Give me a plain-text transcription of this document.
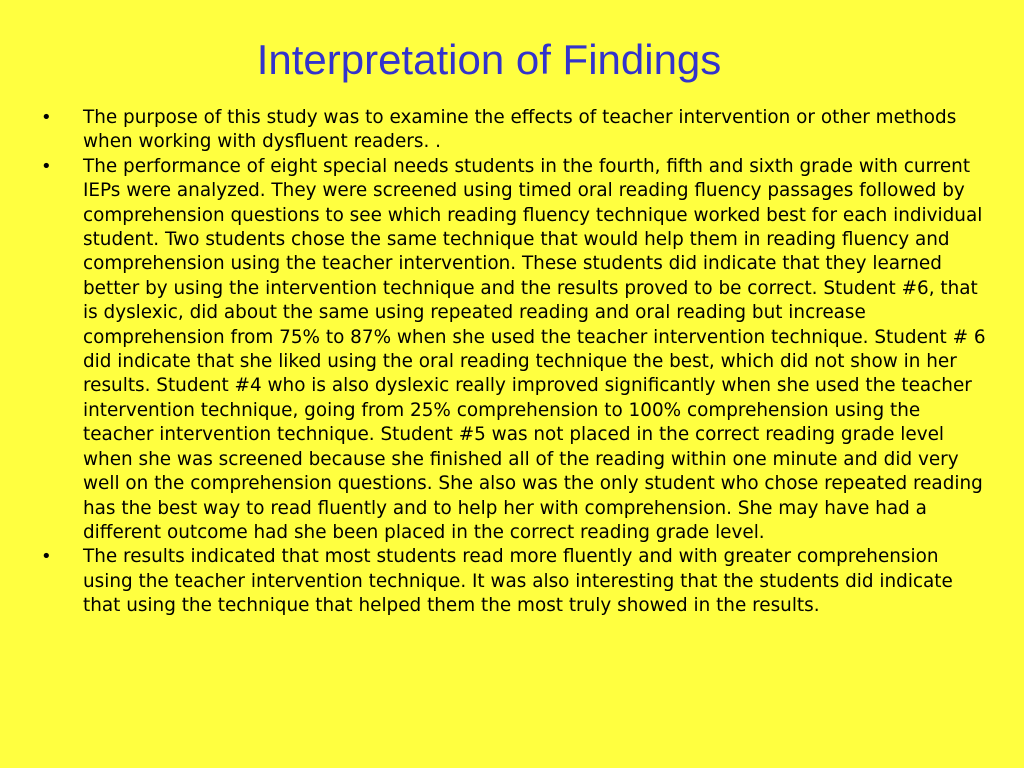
Interpretation of Findings
• The purpose of this study was to examine the effects of teacher intervention or other methods when working with dysfluent readers. .
• The performance of eight special needs students in the fourth, fifth and sixth grade with current IEPs were analyzed. They were screened using timed oral reading fluency passages followed by comprehension questions to see which reading fluency technique worked best for each individual student. Two students chose the same technique that would help them in reading fluency and comprehension using the teacher intervention. These students did indicate that they learned better by using the intervention technique and the results proved to be correct. Student #6, that is dyslexic, did about the same using repeated reading and oral reading but increase comprehension from 75% to 87% when she used the teacher intervention technique. Student # 6 did indicate that she liked using the oral reading technique the best, which did not show in her results. Student #4 who is also dyslexic really improved significantly when she used the teacher intervention technique, going from 25% comprehension to 100% comprehension using the teacher intervention technique. Student #5 was not placed in the correct reading grade level when she was screened because she finished all of the reading within one minute and did very well on the comprehension questions. She also was the only student who chose repeated reading has the best way to read fluently and to help her with comprehension. She may have had a different outcome had she been placed in the correct reading grade level.
• The results indicated that most students read more fluently and with greater comprehension using the teacher intervention technique. It was also interesting that the students did indicate that using the technique that helped them the most truly showed in the results.
